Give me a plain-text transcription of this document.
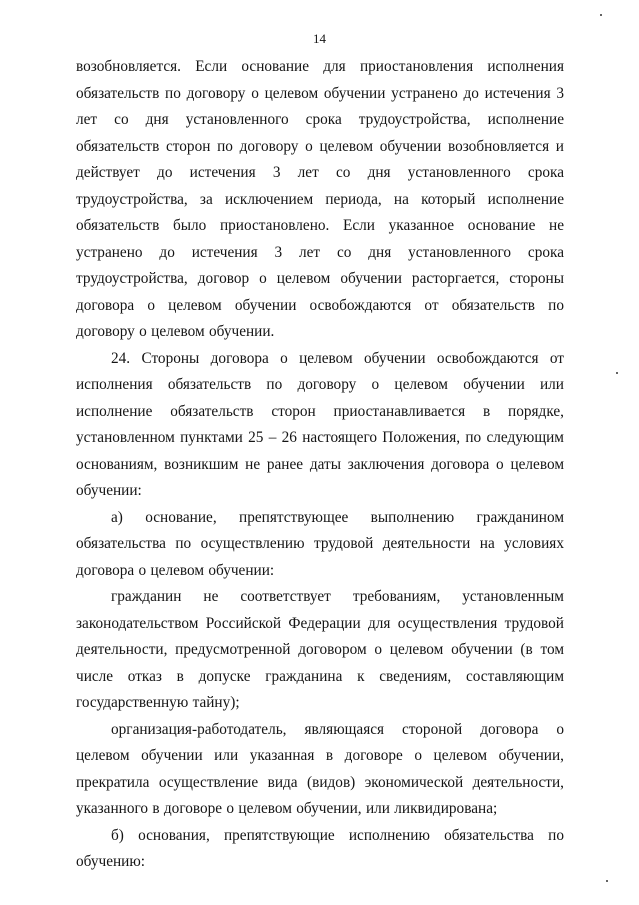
14

возобновляется. Если основание для приостановления исполнения обязательств по договору о целевом обучении устранено до истечения 3 лет со дня установленного срока трудоустройства, исполнение обязательств сторон по договору о целевом обучении возобновляется и действует до истечения 3 лет со дня установленного срока трудоустройства, за исключением периода, на который исполнение обязательств было приостановлено. Если указанное основание не устранено до истечения 3 лет со дня установленного срока трудоустройства, договор о целевом обучении расторгается, стороны договора о целевом обучении освобождаются от обязательств по договору о целевом обучении.

24. Стороны договора о целевом обучении освобождаются от исполнения обязательств по договору о целевом обучении или исполнение обязательств сторон приостанавливается в порядке, установленном пунктами 25 – 26 настоящего Положения, по следующим основаниям, возникшим не ранее даты заключения договора о целевом обучении:

а) основание, препятствующее выполнению гражданином обязательства по осуществлению трудовой деятельности на условиях договора о целевом обучении:

гражданин не соответствует требованиям, установленным законодательством Российской Федерации для осуществления трудовой деятельности, предусмотренной договором о целевом обучении (в том числе отказ в допуске гражданина к сведениям, составляющим государственную тайну);

организация-работодатель, являющаяся стороной договора о целевом обучении или указанная в договоре о целевом обучении, прекратила осуществление вида (видов) экономической деятельности, указанного в договоре о целевом обучении, или ликвидирована;

б) основания, препятствующие исполнению обязательства по обучению:
